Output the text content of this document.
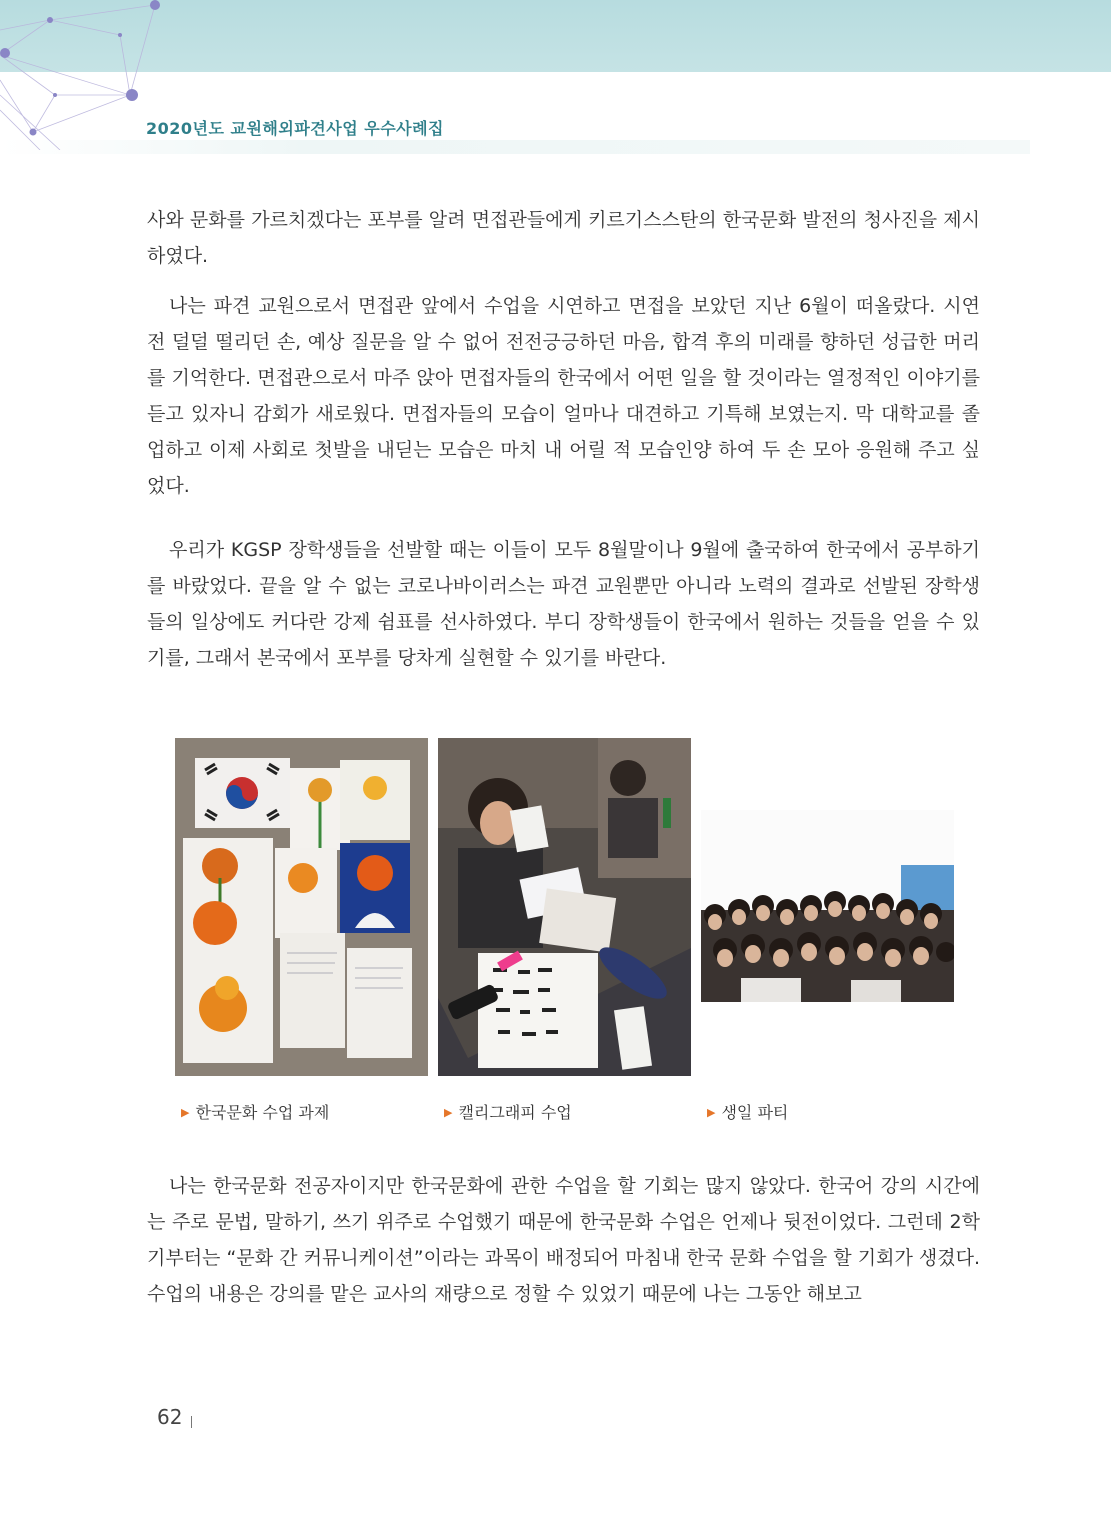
2020년도 교원해외파견사업 우수사례집

사와 문화를 가르치겠다는 포부를 알려 면접관들에게 키르기스스탄의 한국문화 발전의 청사진을 제시하였다.

나는 파견 교원으로서 면접관 앞에서 수업을 시연하고 면접을 보았던 지난 6월이 떠올랐다. 시연 전 덜덜 떨리던 손, 예상 질문을 알 수 없어 전전긍긍하던 마음, 합격 후의 미래를 향하던 성급한 머리를 기억한다. 면접관으로서 마주 앉아 면접자들의 한국에서 어떤 일을 할 것이라는 열정적인 이야기를 듣고 있자니 감회가 새로웠다. 면접자들의 모습이 얼마나 대견하고 기특해 보였는지. 막 대학교를 졸업하고 이제 사회로 첫발을 내딛는 모습은 마치 내 어릴 적 모습인양 하여 두 손 모아 응원해 주고 싶었다.

우리가 KGSP 장학생들을 선발할 때는 이들이 모두 8월말이나 9월에 출국하여 한국에서 공부하기를 바랐었다. 끝을 알 수 없는 코로나바이러스는 파견 교원뿐만 아니라 노력의 결과로 선발된 장학생들의 일상에도 커다란 강제 쉼표를 선사하였다. 부디 장학생들이 한국에서 원하는 것들을 얻을 수 있기를, 그래서 본국에서 포부를 당차게 실현할 수 있기를 바란다.

▶ 한국문화 수업 과제	▶ 캘리그래피 수업	▶ 생일 파티

나는 한국문화 전공자이지만 한국문화에 관한 수업을 할 기회는 많지 않았다. 한국어 강의 시간에는 주로 문법, 말하기, 쓰기 위주로 수업했기 때문에 한국문화 수업은 언제나 뒷전이었다. 그런데 2학기부터는 “문화 간 커뮤니케이션”이라는 과목이 배정되어 마침내 한국 문화 수업을 할 기회가 생겼다. 수업의 내용은 강의를 맡은 교사의 재량으로 정할 수 있었기 때문에 나는 그동안 해보고

62
